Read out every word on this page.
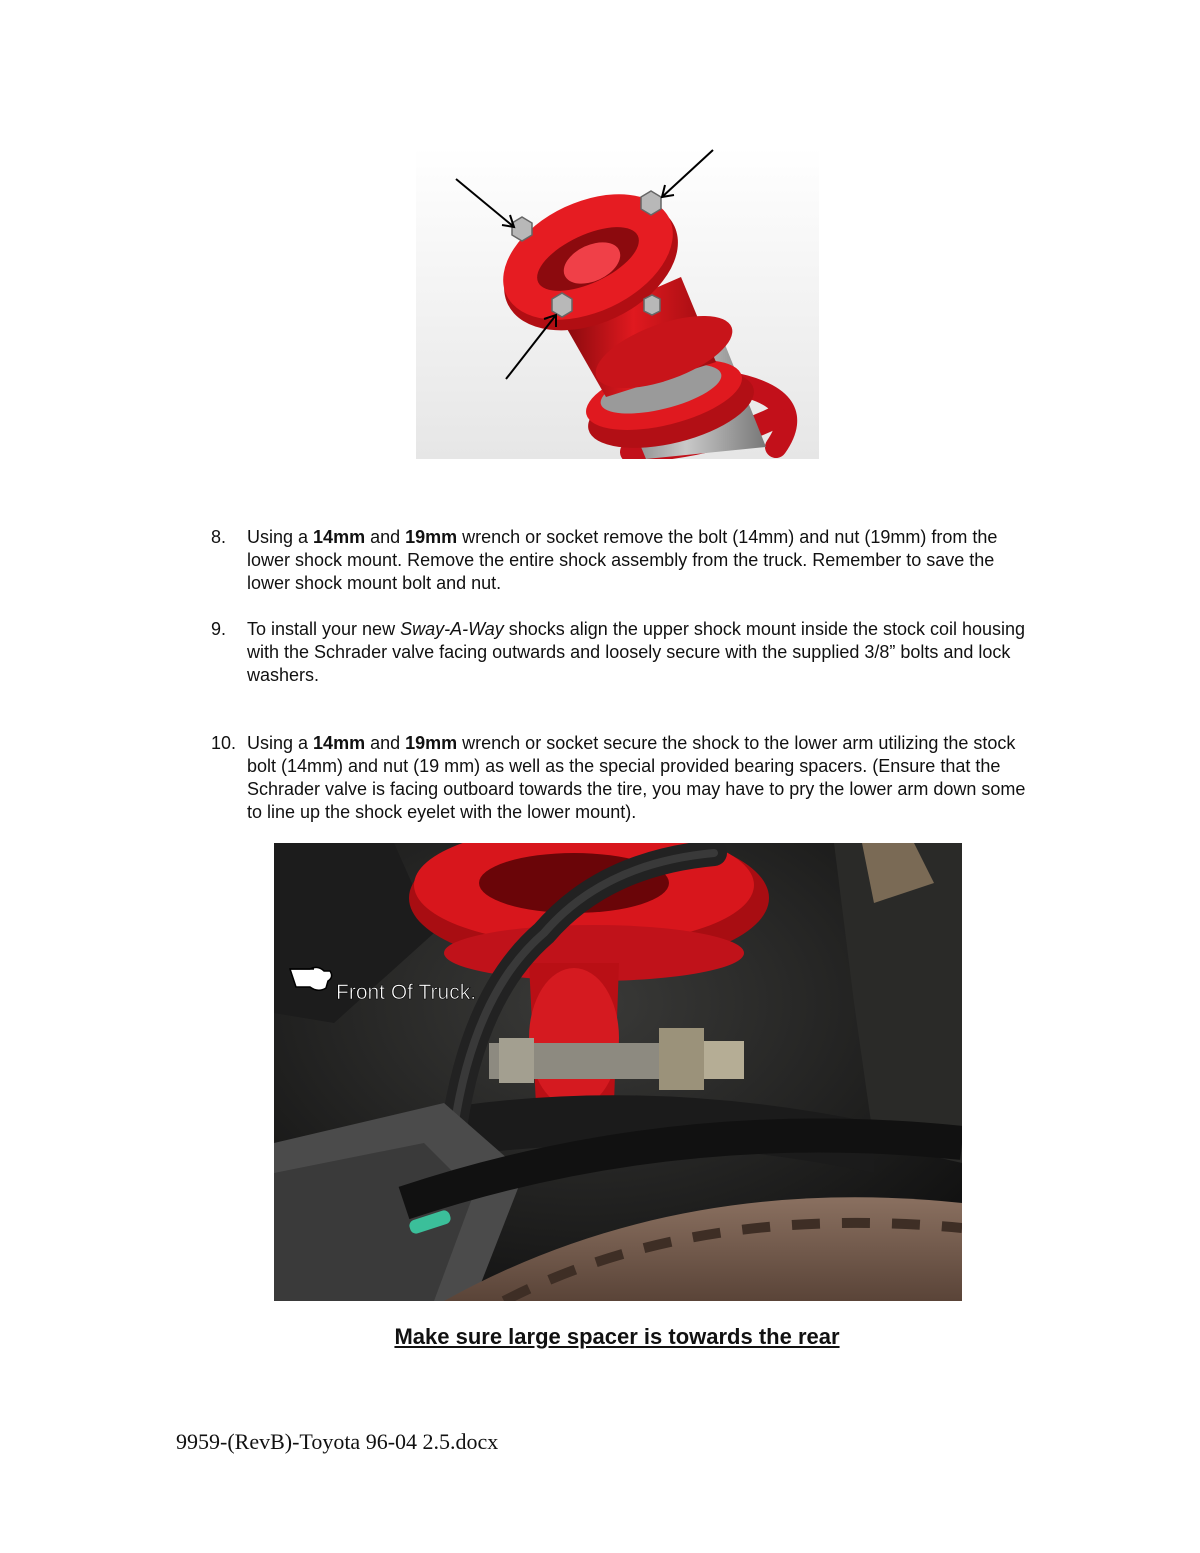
8.	Using a 14mm and 19mm wrench or socket remove the bolt (14mm) and nut (19mm) from the lower shock mount. Remove the entire shock assembly from the truck. Remember to save the lower shock mount bolt and nut.
9.	To install your new Sway-A-Way shocks align the upper shock mount inside the stock coil housing with the Schrader valve facing outwards and loosely secure with the supplied 3/8” bolts and lock washers.
10. Using a 14mm and 19mm wrench or socket secure the shock to the lower arm utilizing the stock bolt (14mm) and nut (19 mm) as well as the special provided bearing spacers. (Ensure that the Schrader valve is facing outboard towards the tire, you may have to pry the lower arm down some to line up the shock eyelet with the lower mount).
Front Of Truck.
Make sure large spacer is towards the rear
9959-(RevB)-Toyota 96-04 2.5.docx
